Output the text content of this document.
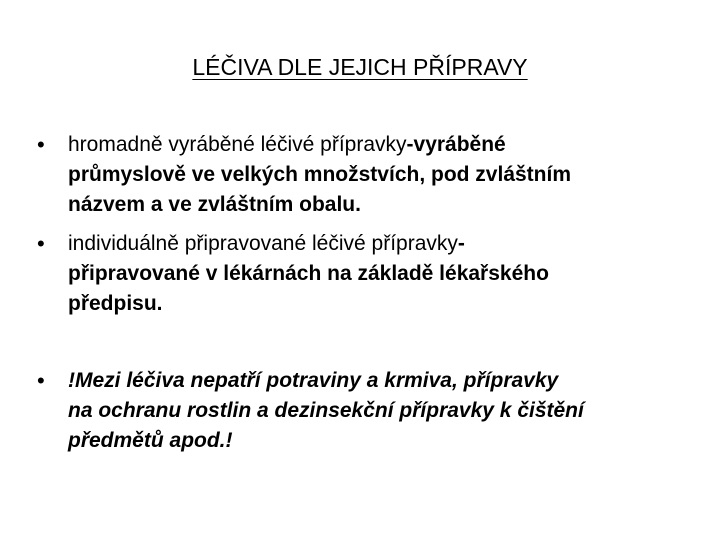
LÉČIVA DLE JEJICH PŘÍPRAVY
• hromadně vyráběné léčivé přípravky-vyráběné
průmyslově ve velkých množstvích, pod zvláštním
názvem a ve zvláštním obalu.
• individuálně připravované léčivé přípravky-
připravované v lékárnách na základě lékařského
předpisu.
• !Mezi léčiva nepatří potraviny a krmiva, přípravky
na ochranu rostlin a dezinsekční přípravky k čištění
předmětů apod.!
